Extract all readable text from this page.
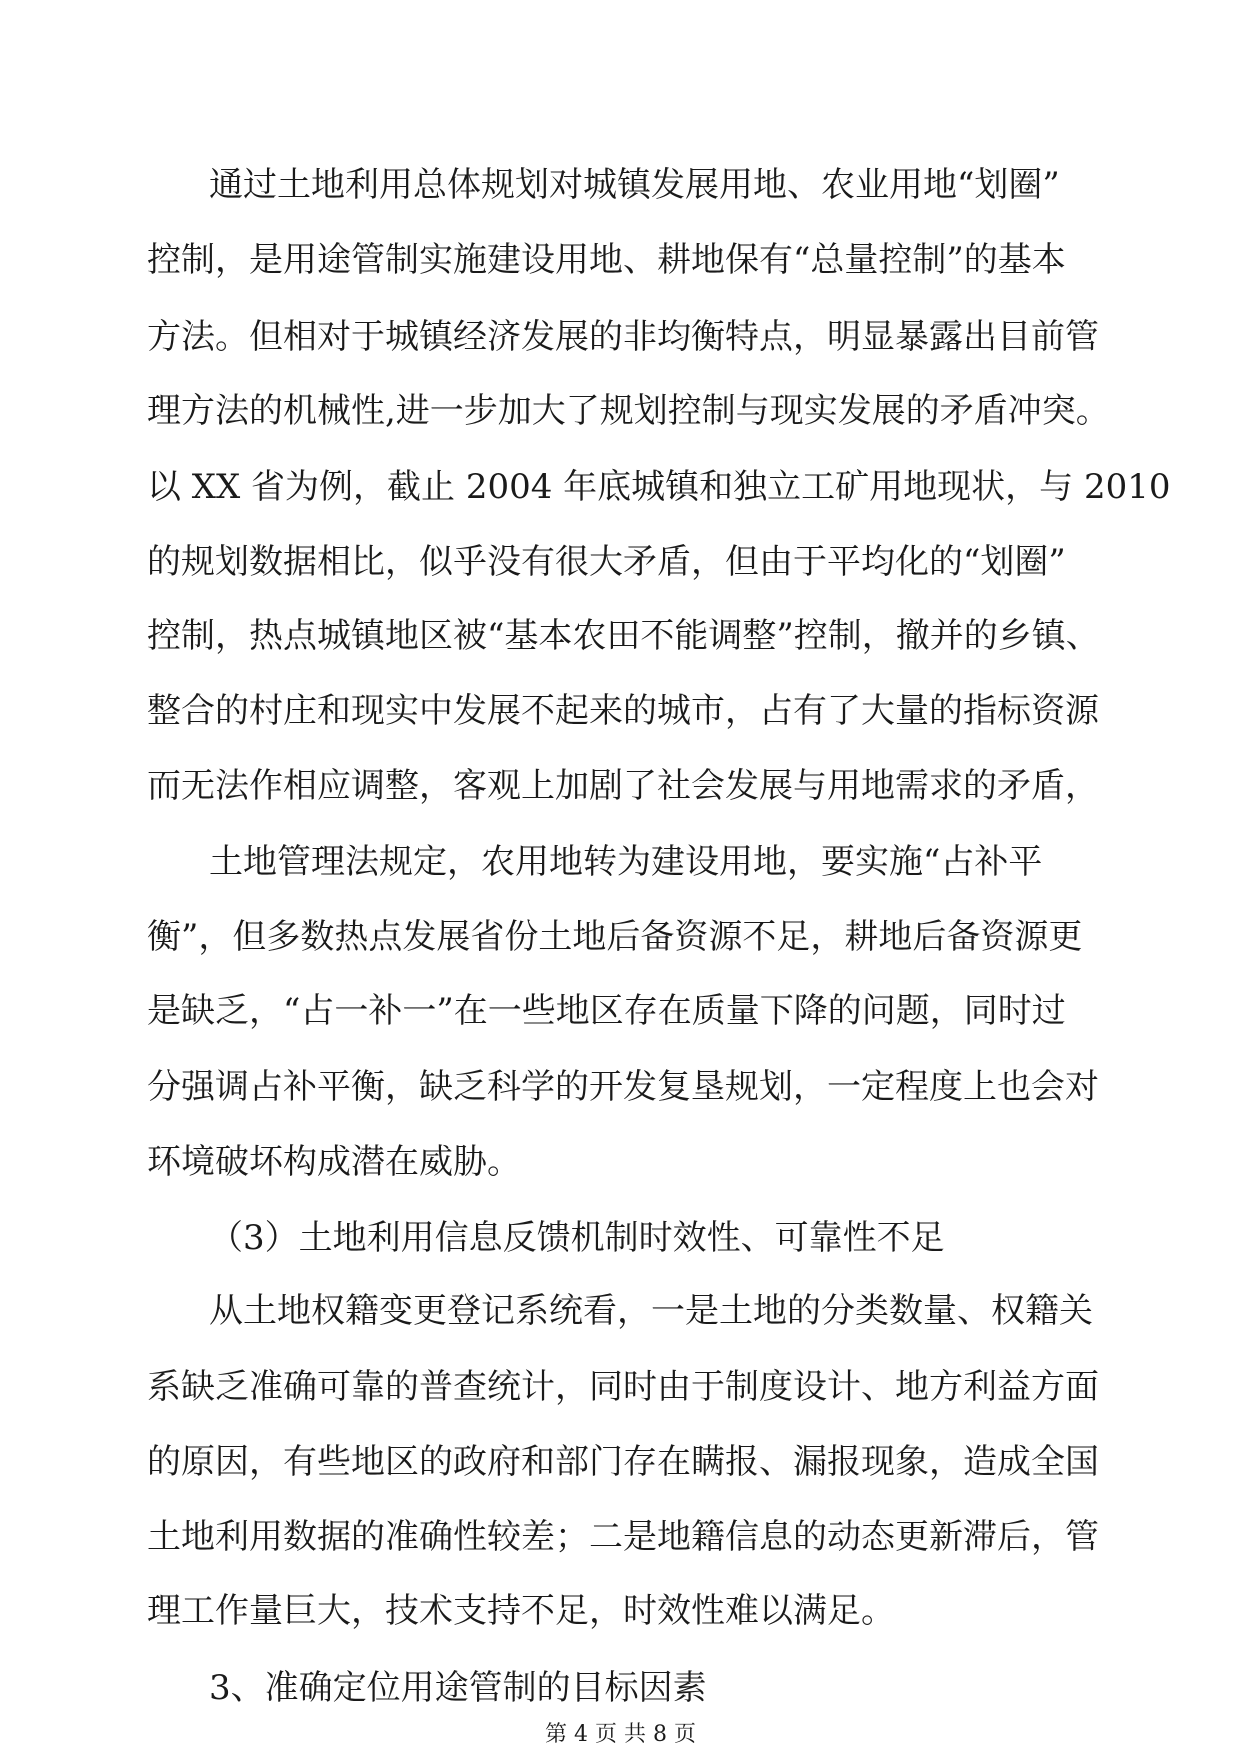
通过土地利用总体规划对城镇发展用地、农业用地“划圈”
控制，是用途管制实施建设用地、耕地保有“总量控制”的基本
方法。但相对于城镇经济发展的非均衡特点，明显暴露出目前管
理方法的机械性,进一步加大了规划控制与现实发展的矛盾冲突。
以 XX 省为例，截止 2004 年底城镇和独立工矿用地现状，与 2010
的规划数据相比，似乎没有很大矛盾，但由于平均化的“划圈”
控制，热点城镇地区被“基本农田不能调整”控制，撤并的乡镇、
整合的村庄和现实中发展不起来的城市，占有了大量的指标资源
而无法作相应调整，客观上加剧了社会发展与用地需求的矛盾，
土地管理法规定，农用地转为建设用地，要实施“占补平
衡”，但多数热点发展省份土地后备资源不足，耕地后备资源更
是缺乏，“占一补一”在一些地区存在质量下降的问题，同时过
分强调占补平衡，缺乏科学的开发复垦规划，一定程度上也会对
环境破坏构成潜在威胁。
（3）土地利用信息反馈机制时效性、可靠性不足
从土地权籍变更登记系统看，一是土地的分类数量、权籍关
系缺乏准确可靠的普查统计，同时由于制度设计、地方利益方面
的原因，有些地区的政府和部门存在瞒报、漏报现象，造成全国
土地利用数据的准确性较差；二是地籍信息的动态更新滞后，管
理工作量巨大，技术支持不足，时效性难以满足。
3、准确定位用途管制的目标因素
第 4 页 共 8 页
